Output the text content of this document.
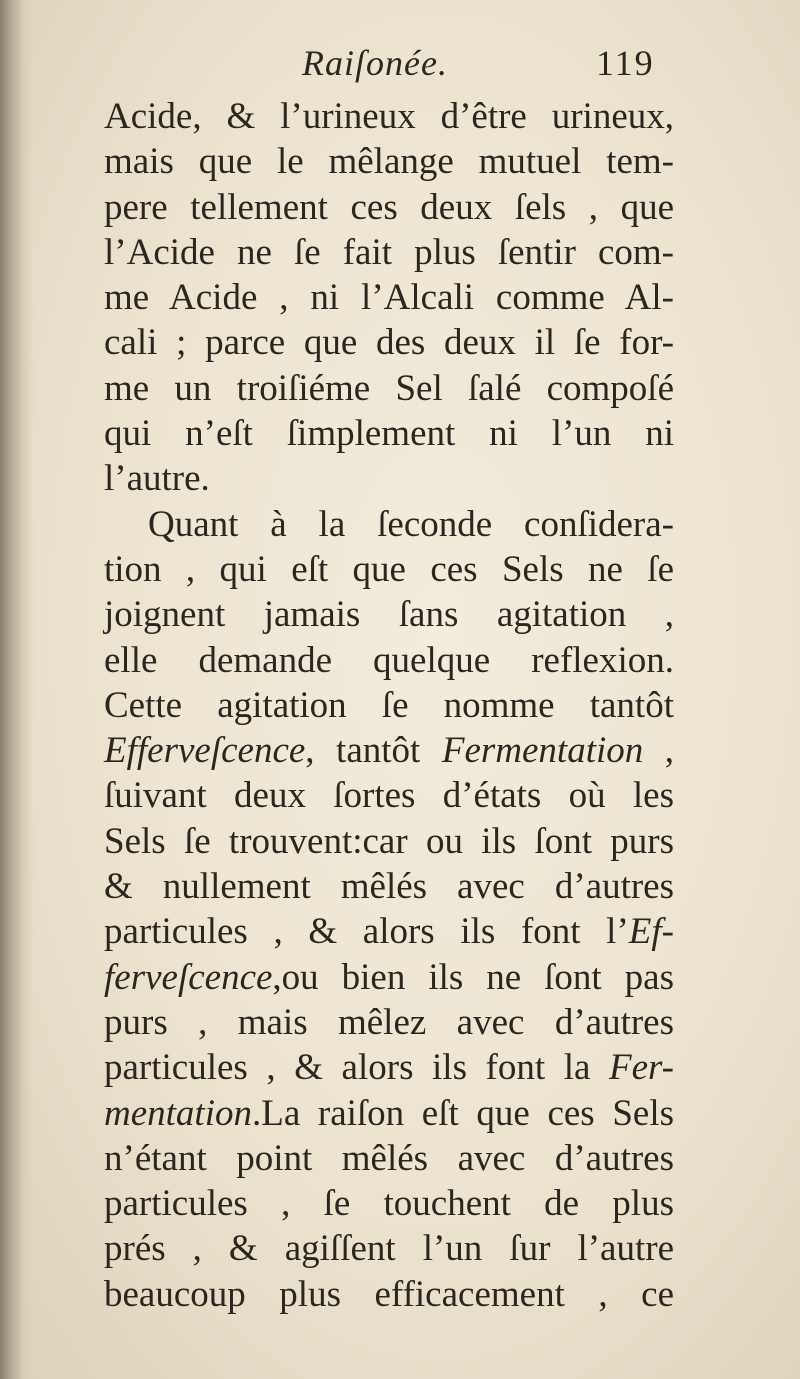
Raiſonée.	119
Acide, & l’urineux d’être urineux,
mais que le mêlange mutuel tem-
pere tellement ces deux ſels , que
l’Acide ne ſe fait plus ſentir com-
me Acide , ni l’Alcali comme Al-
cali ; parce que des deux il ſe for-
me un troiſiéme Sel ſalé compoſé
qui n’eſt ſimplement ni l’un ni
l’autre.
Quant à la ſeconde conſidera-
tion , qui eſt que ces Sels ne ſe
joignent jamais ſans agitation ,
elle demande quelque reflexion.
Cette agitation ſe nomme tantôt
Efferveſcence, tantôt Fermentation ,
ſuivant deux ſortes d’états où les
Sels ſe trouvent:car ou ils ſont purs
& nullement mêlés avec d’autres
particules , & alors ils font l’Ef-
ferveſcence,ou bien ils ne ſont pas
purs , mais mêlez avec d’autres
particules , & alors ils font la Fer-
mentation.La raiſon eſt que ces Sels
n’étant point mêlés avec d’autres
particules , ſe touchent de plus
prés , & agiſſent l’un ſur l’autre
beaucoup plus efficacement , ce
